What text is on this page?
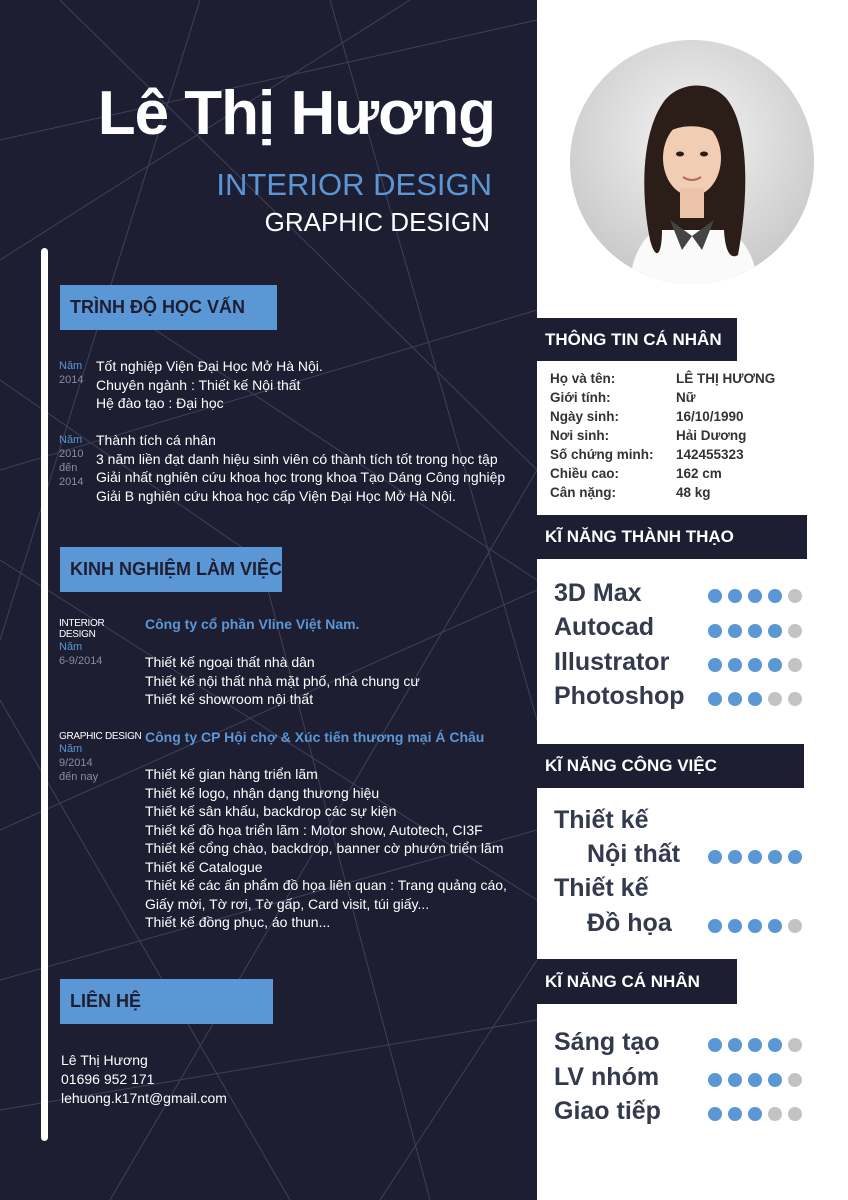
Lê Thị Hương
INTERIOR DESIGN
GRAPHIC DESIGN
TRÌNH ĐỘ HỌC VẤN
Năm
2014
Tốt nghiệp Viện Đại Học Mở Hà Nội.
Chuyên ngành : Thiết kế Nội thất
Hệ đào tạo : Đại học
Năm
2010
đến
2014
Thành tích cá nhân
3 năm liền đạt danh hiệu sinh viên có thành tích tốt trong học tập
Giải nhất nghiên cứu khoa học trong khoa Tạo Dáng Công nghiệp
Giải B nghiên cứu khoa học cấp Viện Đại Học Mở Hà Nội.
KINH NGHIỆM LÀM VIỆC
INTERIOR DESIGN
Năm
6-9/2014
Công ty cổ phần Vline Việt Nam.
Thiết kế ngoại thất nhà dân
Thiết kế nội thất nhà mặt phố, nhà chung cư
Thiết kế showroom nội thất
GRAPHIC DESIGN
Năm
9/2014
đến nay
Công ty CP Hội chợ & Xúc tiến thương mại Á Châu
Thiết kế gian hàng triển lãm
Thiết kế logo, nhận dạng thương hiệu
Thiết kế sân khấu, backdrop các sự kiện
Thiết kế đồ họa triển lãm : Motor show, Autotech, CI3F
Thiết kế cổng chào, backdrop, banner cờ phướn triển lãm
Thiết kế Catalogue
Thiết kế các ấn phẩm đồ họa liên quan : Trang quảng cáo,
Giấy mời, Tờ rơi, Tờ gấp, Card visit, túi giấy...
Thiết kế đồng phục, áo thun...
LIÊN HỆ
Lê Thị Hương
01696 952 171
lehuong.k17nt@gmail.com
THÔNG TIN CÁ NHÂN
Họ và tên:
Giới tính:
Ngày sinh:
Nơi sinh:
Số chứng minh:
Chiều cao:
Cân nặng:
LÊ THỊ HƯƠNG
Nữ
16/10/1990
Hải Dương
142455323
162 cm
48 kg
KĨ NĂNG THÀNH THẠO
3D Max
Autocad
Illustrator
Photoshop
KĨ NĂNG CÔNG VIỆC
Thiết kế
Nội thất
Thiết kế
Đồ họa
KĨ NĂNG CÁ NHÂN
Sáng tạo
LV nhóm
Giao tiếp
